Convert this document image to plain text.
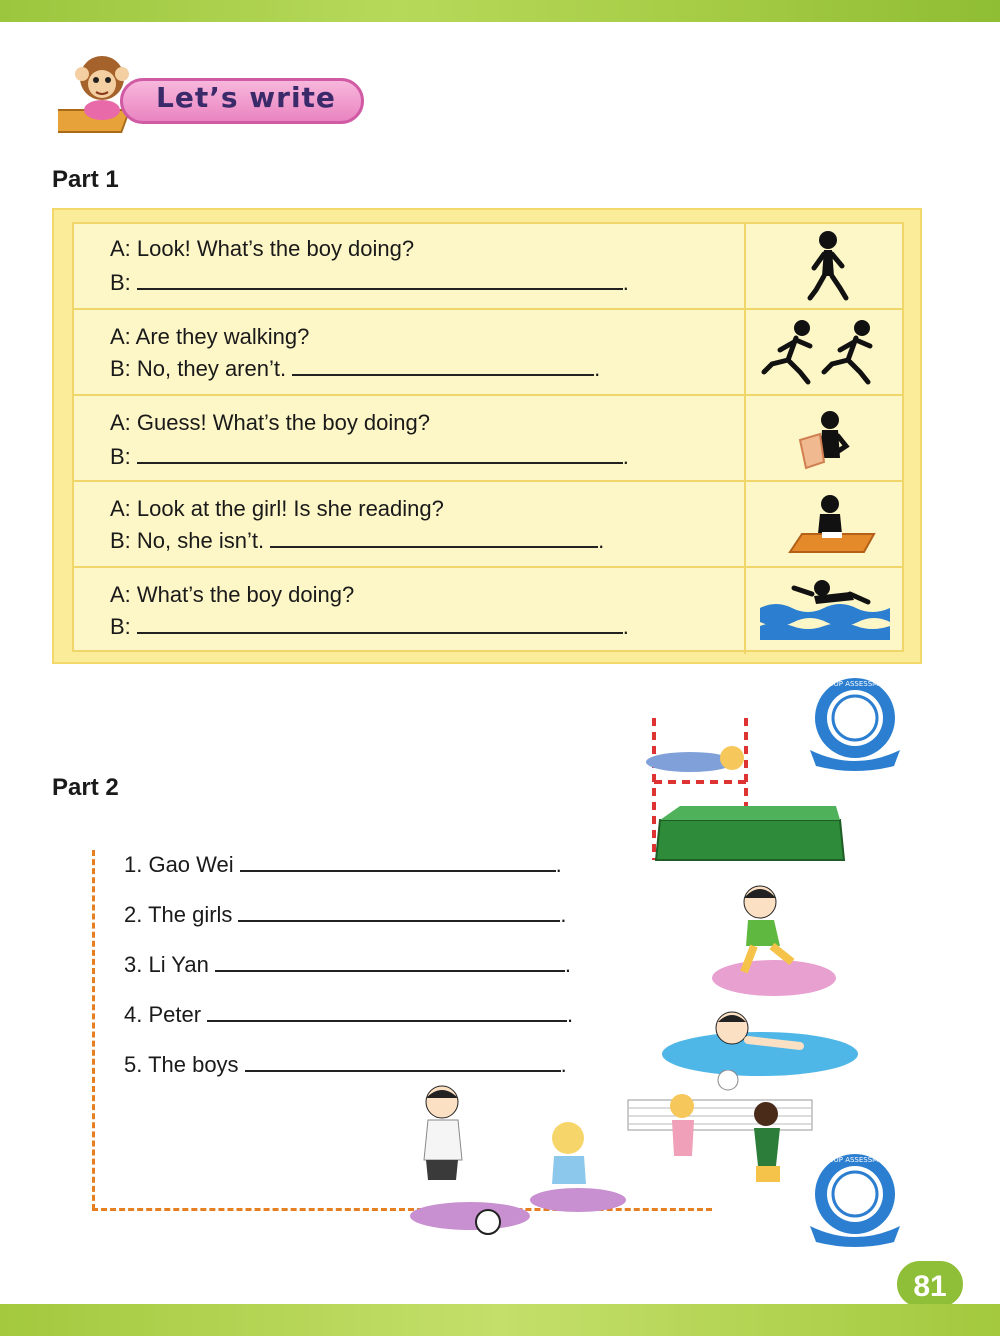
Let’s write
Part 1
A: Look! What’s the boy doing?
B:	.
A: Are they walking?
B: No, they aren’t.	.
A: Guess! What’s the boy doing?
B:	.
A: Look at the girl! Is she reading?
B: No, she isn’t.	.
A: What’s the boy doing?
B:	.
Part 2
1. Gao Wei	.
2. The girls	.
3. Li Yan	.
4. Peter	.
5. The boys	.
GROUP ASSESSMENT
GROUP ASSESSMENT
81
